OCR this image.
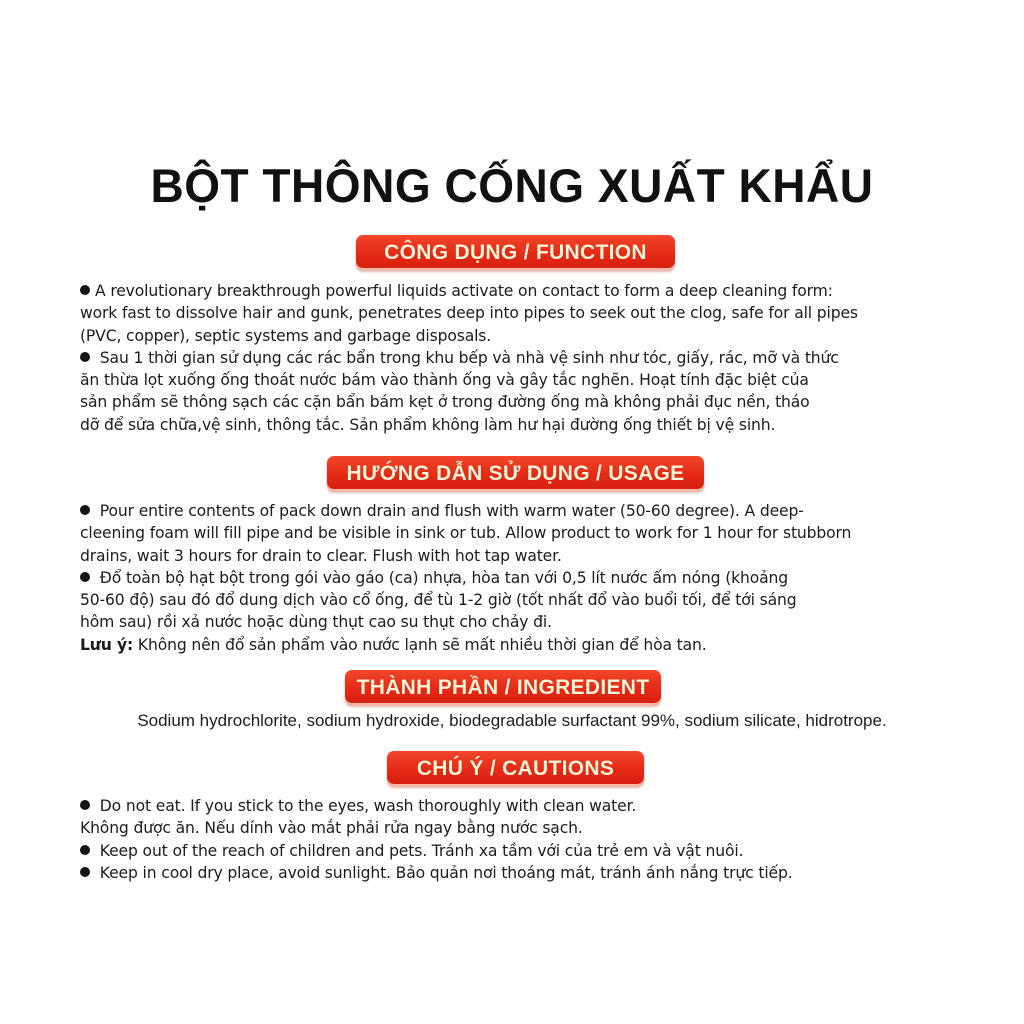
BỘT THÔNG CỐNG XUẤT KHẨU
CÔNG DỤNG / FUNCTION

A revolutionary breakthrough powerful liquids activate on contact to form a deep cleaning form:

work fast to dissolve hair and gunk, penetrates deep into pipes to seek out the clog, safe for all pipes

(PVC, copper), septic systems and garbage disposals.

Sau 1 thời gian sử dụng các rác bẩn trong khu bếp và nhà vệ sinh như tóc, giấy, rác, mỡ và thức

ăn thừa lọt xuống ống thoát nước bám vào thành ống và gây tắc nghẽn. Hoạt tính đặc biệt của

sản phẩm sẽ thông sạch các cặn bẩn bám kẹt ở trong đường ống mà không phải đục nền, tháo

dỡ để sửa chữa,vệ sinh, thông tắc. Sản phẩm không làm hư hại đường ống thiết bị vệ sinh.

HƯỚNG DẪN SỬ DỤNG / USAGE

Pour entire contents of pack down drain and flush with warm water (50-60 degree). A deep-

cleening foam will fill pipe and be visible in sink or tub. Allow product to work for 1 hour for stubborn

drains, wait 3 hours for drain to clear. Flush with hot tap water.

Đổ toàn bộ hạt bột trong gói vào gáo (ca) nhựa, hòa tan với 0,5 lít nước ấm nóng (khoảng

50-60 độ) sau đó đổ dung dịch vào cổ ống, để tù 1-2 giờ (tốt nhất đổ vào buổi tối, để tới sáng

hôm sau) rồi xả nước hoặc dùng thụt cao su thụt cho chảy đi.

Lưu ý: Không nên đổ sản phẩm vào nước lạnh sẽ mất nhiều thời gian để hòa tan.

THÀNH PHẦN / INGREDIENT
Sodium hydrochlorite, sodium hydroxide, biodegradable surfactant 99%, sodium silicate, hidrotrope.
CHÚ Ý / CAUTIONS

Do not eat. If you stick to the eyes, wash thoroughly with clean water.

Không được ăn. Nếu dính vào mắt phải rửa ngay bằng nước sạch.

Keep out of the reach of children and pets. Tránh xa tầm với của trẻ em và vật nuôi.

Keep in cool dry place, avoid sunlight. Bảo quản nơi thoáng mát, tránh ánh nắng trực tiếp.
